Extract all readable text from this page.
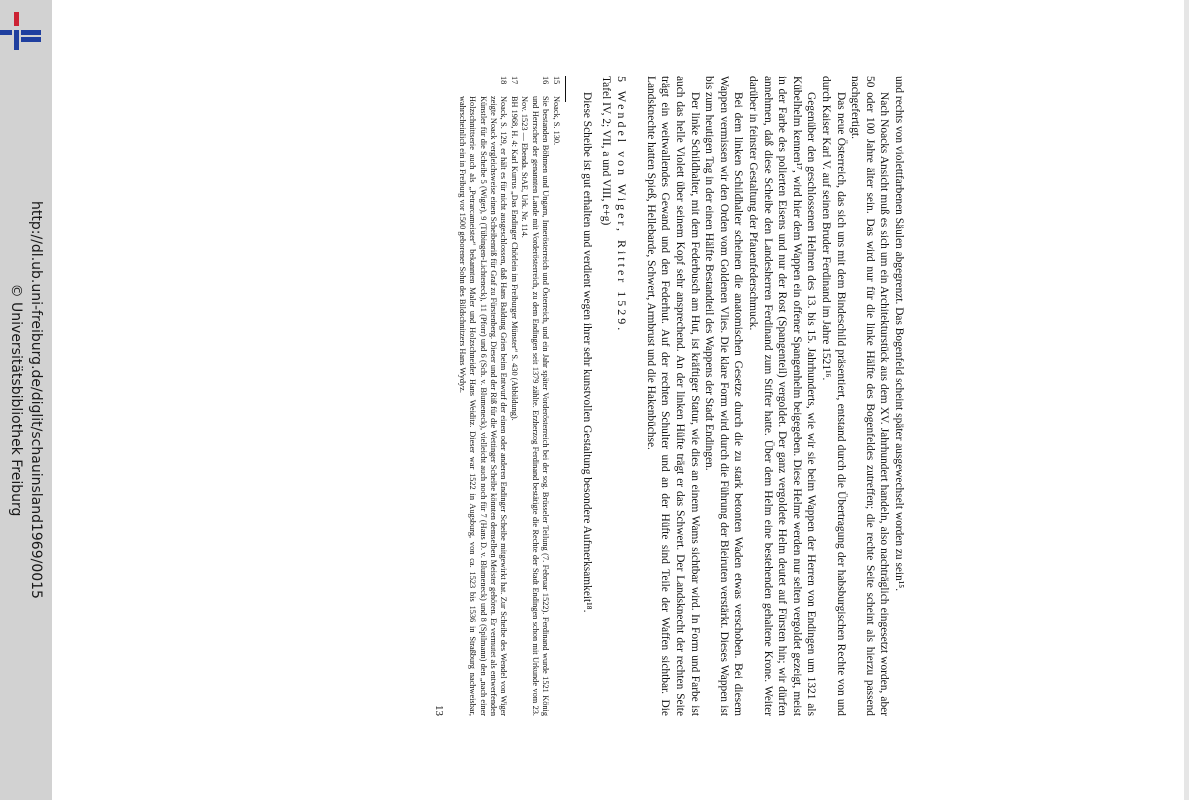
http://dl.ub.uni-freiburg.de/diglit/schauinsland1969/0015
© Universitätsbibliothek Freiburg	und rechts von violettfarbenen Säulen abgegrenzt. Das Bogenfeld scheint später ausgewechselt worden zu sein¹⁵.

Nach Noacks Ansicht muß es sich um ein Architekturstück aus dem XV. Jahrhundert handeln, also nachträglich eingesetzt worden, aber 50 oder 100 Jahre älter sein. Das wird nur für die linke Hälfte des Bogenfeldes zutreffen; die rechte Seite scheint als hierzu passend nachgefertigt.

Das neue Österreich, das sich uns mit dem Bindeschild präsentiert, entstand durch die Übertragung der habsburgischen Rechte von und durch Kaiser Karl V. auf seinen Bruder Ferdinand im Jahre 1521¹⁶.

Gegenüber den geschlossenen Helmen des 13. bis 15. Jahrhunderts, wie wir sie beim Wappen der Herren von Endingen um 1321 als Kübelhelm kennen¹⁷, wird hier dem Wappen ein offener Spangenhelm beigegeben. Diese Helme werden nur selten vergoldet gezeigt, meist in der Farbe des polierten Eisens und nur der Rost (Spangenteil) vergoldet. Der ganz vergoldete Helm deutet auf Fürsten hin; wir dürfen annehmen, daß diese Scheibe den Landesherren Ferdinand zum Stifter hatte. Über dem Helm eine bestehenden gehaltene Krone. Weiter darüber in feinster Gestaltung der Pfauenfederschmuck.

Bei dem linken Schildhalter scheinen die anatomischen Gesetze durch die zu stark betonten Waden etwas verschoben. Bei diesem Wappen vermissen wir den Orden vom Goldenen Vlies. Die klare Form wird durch die Führung der Bleiruten verstärkt. Dieses Wappen ist bis zum heutigen Tag in der einen Hälfte Bestandteil des Wappens der Stadt Endingen.

Der linke Schildhalter, mit dem Federbusch am Hut, ist kräftiger Statur, wie dies an einem Wams sichtbar wird. In Form und Farbe ist auch das helle Violett über seinem Kopf sehr ansprechend. An der linken Hüfte trägt er das Schwert. Der Landsknecht der rechten Seite trägt ein weitwallendes Gewand und den Federhut. Auf der rechten Schulter und an der Hüfte sind Teile der Waffen sichtbar. Die Landsknechte hatten Spieß, Hellebarde, Schwert, Armbrust und die Hakenbüchse.

5 Wendel von Wiger, Ritter 1529.
Tafel IV, 2; VII, a und VIII, e+g)

Diese Scheibe ist gut erhalten und verdient wegen ihrer sehr kunstvollen Gestaltung besondere Aufmerksamkeit¹⁸.

15
Noack, S. 130.
16
Sie bestanden Böhmen und Ungarn, Innerösterreich und Österreich, und ein Jahr später Vorderösterreich bei der sog. Brüsseler Teilung (7. Februar 1522). Ferdinand wurde 1521 König und Herrscher der genannten Lande mit Vorderösterreich, zu dem Endingen seit 1379 zählte. Erzherzog Ferdinand bestätigte die Rechte der Stadt Endingen schon mit Urkunde vom 23. Nov. 1523 — Ebenda. StAE, Urk. Nr. 114.
17
BH 1968, H. 4: Karl Kurrus „Das Endinger Chörlein im Freiburger Münster“ S. 430 (Abbildung).
18
Noack, S. 129, er hält es für nicht ausgeschlossen, daß Hans Baldung Grien beim Entwurf der einen oder anderen Endinger Scheibe mitgewirkt hat. Zur Scheibe des Wendel von Wiger zeigte Noack vergleichsweise einen Scheibenriß für Graf zu Fürstenberg. Dieser und der Riß für die Wettinger Scheibe könnten demselben Meister gehören. Er vermutet als entwerfenden Künstler für die Scheibe 5 (Wiger), 9 (Tübingen-Lichteneck), 11 (Pforr) und 6 (Sch. v. Blumeneck), vielleicht auch noch für 7 (Hans D. v. Blumeneck) und 8 (Spilmann) den „nach einer Holzschnittserie auch als „Petrarcameister“ bekannten Maler und Holzschneider Hans Weiditz. Dieser war 1522 in Augsburg, von ca. 1523 bis 1536 in Straßburg nachweisbar, wahrscheinlich ein in Freiburg vor 1500 geborener Sohn des Bildschnitzers Hans Wydyz.
13
